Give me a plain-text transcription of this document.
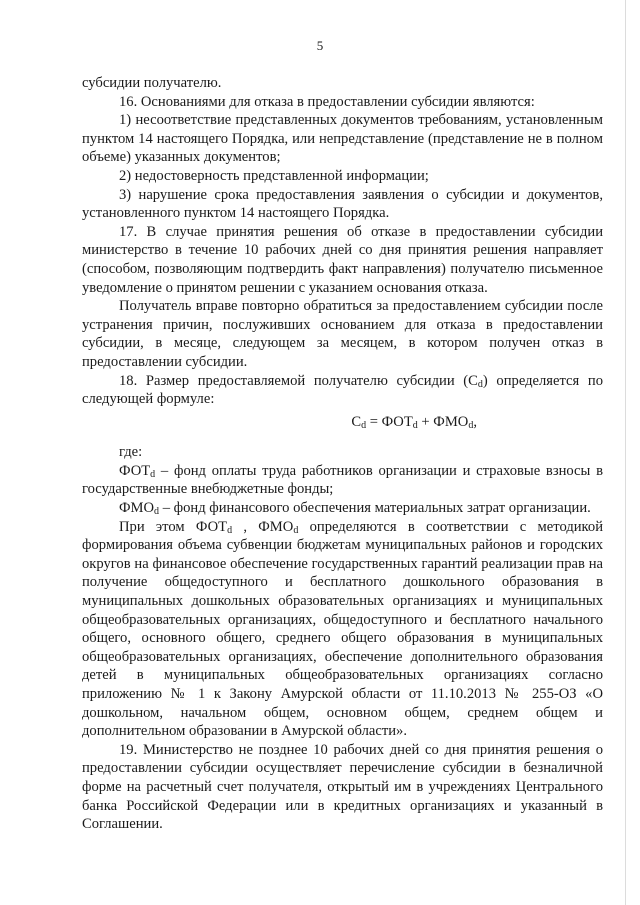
5

субсидии получателю.

16. Основаниями для отказа в предоставлении субсидии являются:

1) несоответствие представленных документов требованиям, установленным пунктом 14 настоящего Порядка, или непредставление (представление не в полном объеме) указанных документов;

2) недостоверность представленной информации;

3) нарушение срока предоставления заявления о субсидии и документов, установленного пунктом 14 настоящего Порядка.

17. В случае принятия решения об отказе в предоставлении субсидии министерство в течение 10 рабочих дней со дня принятия решения направляет (способом, позволяющим подтвердить факт направления) получателю письменное уведомление о принятом решении с указанием основания отказа.

Получатель вправе повторно обратиться за предоставлением субсидии после устранения причин, послуживших основанием для отказа в предоставлении субсидии, в месяце, следующем за месяцем, в котором получен отказ в предоставлении субсидии.

18. Размер предоставляемой получателю субсидии $(C_d)$ определяется по следующей формуле:

$C_d = ФОТ_d + ФМО_d$,

где:

$ФОТ_d$ – фонд оплаты труда работников организации и страховые взносы в государственные внебюджетные фонды;

$ФМО_d$ – фонд финансового обеспечения материальных затрат организации.

При этом $ФОТ_d$ , $ФМО_d$ определяются в соответствии с методикой формирования объема субвенции бюджетам муниципальных районов и городских округов на финансовое обеспечение государственных гарантий реализации прав на получение общедоступного и бесплатного дошкольного образования в муниципальных дошкольных образовательных организациях и муниципальных общеобразовательных организациях, общедоступного и бесплатного начального общего, основного общего, среднего общего образования в муниципальных общеобразовательных организациях, обеспечение дополнительного образования детей в муниципальных общеобразовательных организациях согласно приложению № 1 к Закону Амурской области от 11.10.2013 № 255-ОЗ «О дошкольном, начальном общем, основном общем, среднем общем и дополнительном образовании в Амурской области».

19. Министерство не позднее 10 рабочих дней со дня принятия решения о предоставлении субсидии осуществляет перечисление субсидии в безналичной форме на расчетный счет получателя, открытый им в учреждениях Центрального банка Российской Федерации или в кредитных организациях и указанный в Соглашении.
